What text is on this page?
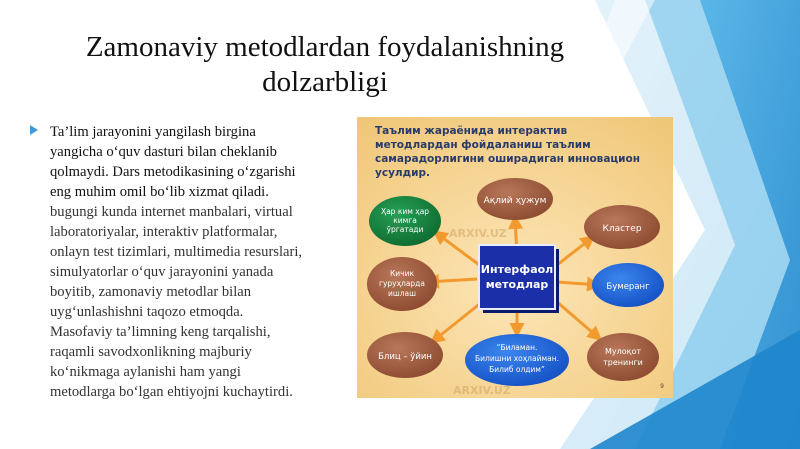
Zamonaviy metodlardan foydalanishning
dolzarbligi
Ta’lim jarayonini yangilash birgina
yangicha o‘quv dasturi bilan cheklanib
qolmaydi. Dars metodikasining o‘zgarishi
eng muhim omil bo‘lib xizmat qiladi.
bugungi kunda internet manbalari, virtual
laboratoriyalar, interaktiv platformalar,
onlayn test tizimlari, multimedia resurslari,
simulyatorlar o‘quv jarayonini yanada
boyitib, zamonaviy metodlar bilan
uyg‘unlashishni taqozo etmoqda.
Masofaviy ta’limning keng tarqalishi,
raqamli savodxonlikning majburiy
ko‘nikmaga aylanishi ham yangi
metodlarga bo‘lgan ehtiyojni kuchaytirdi.
Таълим жараёнида интерактив
методлардан фойдаланиш таълим
самарадорлигини оширадиган инновацион
усулдир.
ARXIV.UZ
ARXIV.UZ
Ақлий ҳужум
Ҳар ким ҳар
кимга
ўргатади	Кластер
Кичик
гуруҳларда
ишлаш
Интерфаол
методлар	Бумеранг
Блиц – ўйин
“Биламан.
Билишни хоҳлайман.
Билиб олдим”
Мулоқот
тренинги
9
